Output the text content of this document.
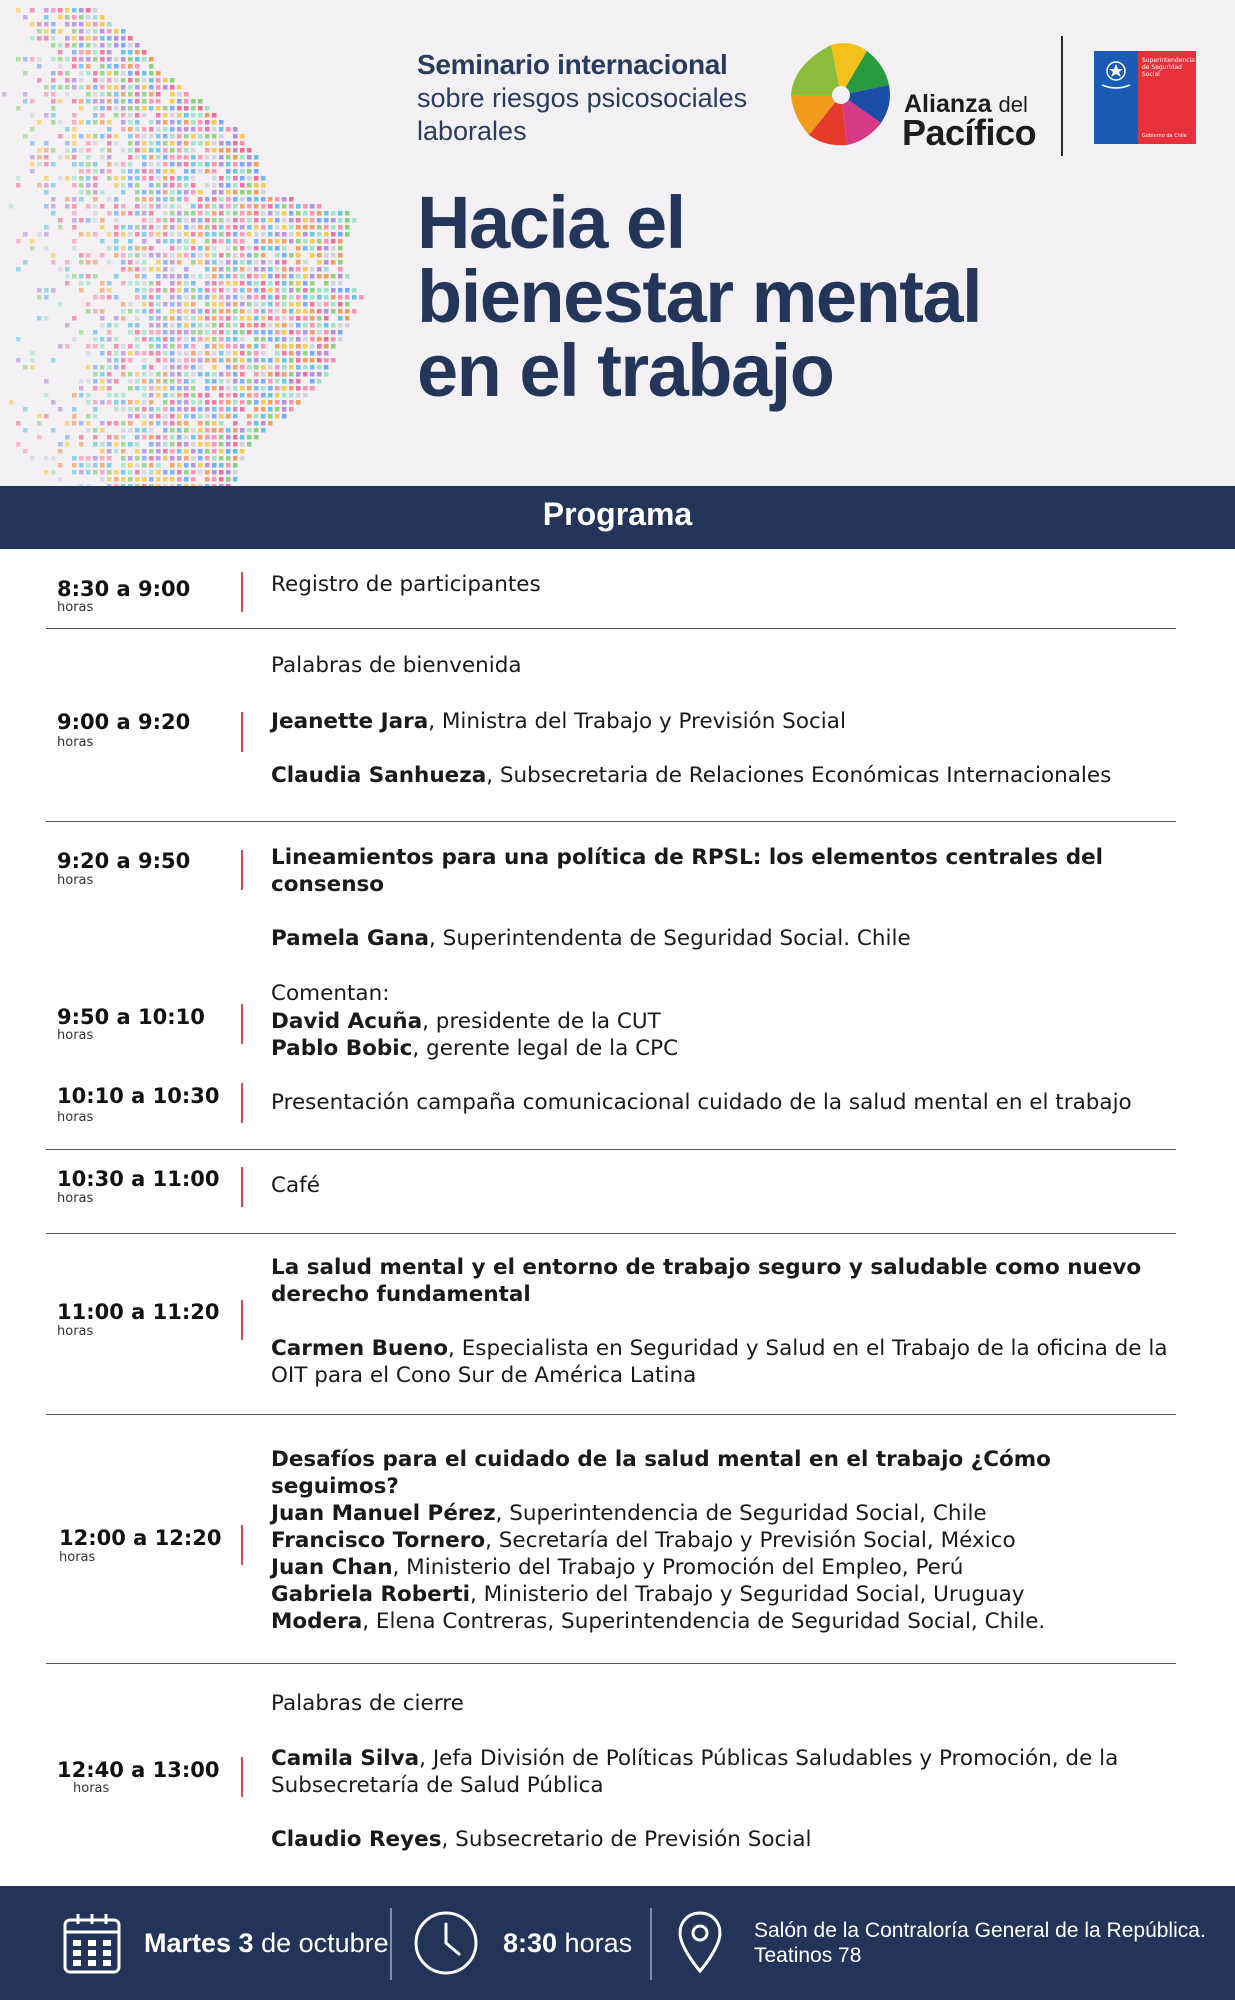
Seminario internacional
sobre riesgos psicosociales
laborales
Hacia el
bienestar mental
en el trabajo
Alianza del
Pacífico
Superintendencia de Seguridad Social
Gobierno de Chile
Programa
8:30 a 9:00
horas
Registro de participantes
Palabras de bienvenida
9:00 a 9:20
horas
Jeanette Jara, Ministra del Trabajo y Previsión Social
Claudia Sanhueza, Subsecretaria de Relaciones Económicas Internacionales
9:20 a 9:50
horas
Lineamientos para una política de RPSL: los elementos centrales del consenso
Pamela Gana, Superintendenta de Seguridad Social. Chile
Comentan:
9:50 a 10:10
horas
David Acuña, presidente de la CUT
Pablo Bobic, gerente legal de la CPC
10:10 a 10:30
horas
Presentación campaña comunicacional cuidado de la salud mental en el trabajo
10:30 a 11:00
horas
Café
La salud mental y el entorno de trabajo seguro y saludable como nuevo derecho fundamental
11:00 a 11:20
horas
Carmen Bueno, Especialista en Seguridad y Salud en el Trabajo de la oficina de la OIT para el Cono Sur de América Latina
Desafíos para el cuidado de la salud mental en el trabajo ¿Cómo seguimos?
12:00 a 12:20
horas
Juan Manuel Pérez, Superintendencia de Seguridad Social, Chile
Francisco Tornero, Secretaría del Trabajo y Previsión Social, México
Juan Chan, Ministerio del Trabajo y Promoción del Empleo, Perú
Gabriela Roberti, Ministerio del Trabajo y Seguridad Social, Uruguay
Modera, Elena Contreras, Superintendencia de Seguridad Social, Chile.
Palabras de cierre
12:40 a 13:00
horas
Camila Silva, Jefa División de Políticas Públicas Saludables y Promoción, de la Subsecretaría de Salud Pública
Claudio Reyes, Subsecretario de Previsión Social
Martes 3 de octubre	8:30 horas	Salón de la Contraloría General de la República.
Teatinos 78
